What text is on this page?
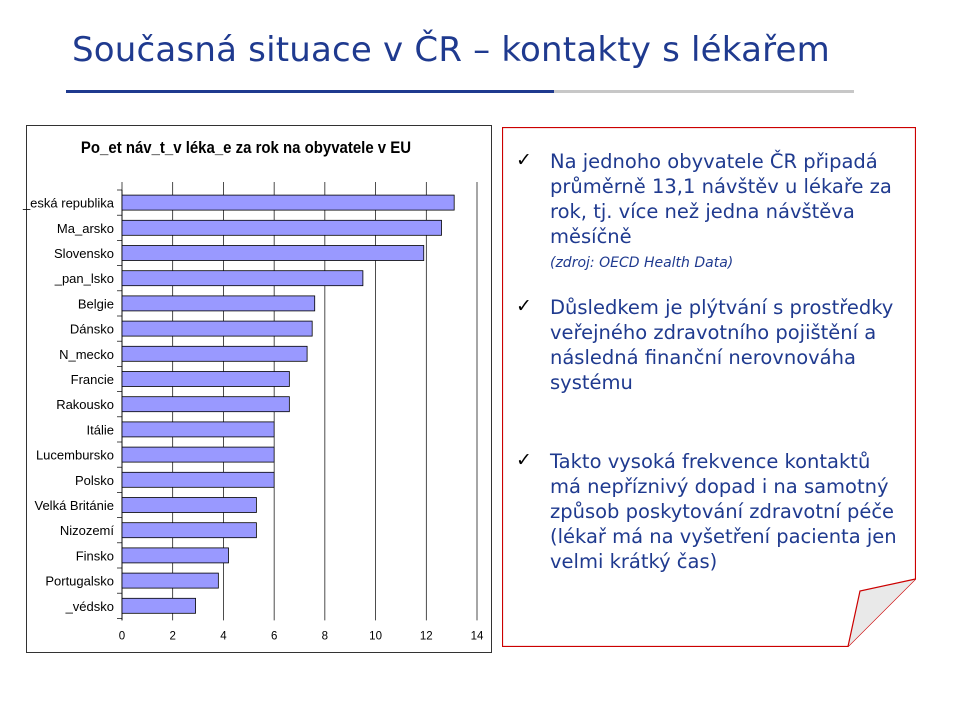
Současná situace v ČR – kontakty s lékařem
_eská republika
Ma_arsko
Slovensko
_pan_lsko
Belgie
Dánsko
N_mecko
Francie
Rakousko
Itálie
Lucembursko
Polsko
Velká Británie
Nizozemí
Finsko
Portugalsko
_védsko
0	2	4	6	8	10	12	14
Po_et náv_t_v léka_e za rok na obyvatele v EU
✓ Na jednoho obyvatele ČR připadá průměrně 13,1 návštěv u lékaře za rok, tj. více než jedna návštěva měsíčně
(zdroj: OECD Health Data)
✓ Důsledkem je plýtvání s prostředky veřejného zdravotního pojištění a následná finanční nerovnováha systému
✓ Takto vysoká frekvence kontaktů má nepříznivý dopad i na samotný způsob poskytování zdravotní péče (lékař má na vyšetření pacienta jen velmi krátký čas)
